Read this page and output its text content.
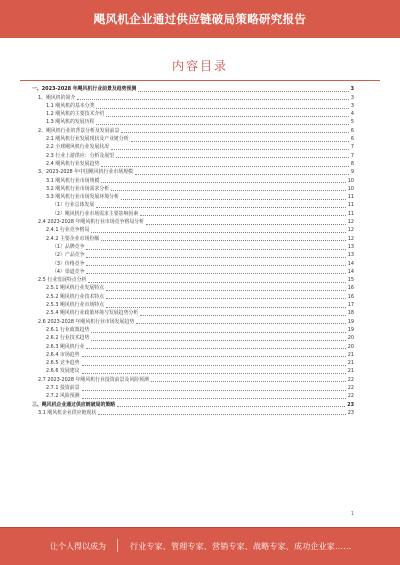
飓风机企业通过供应链破局策略研究报告
内容目录
一、2023-2028 年飓风机行业前景及趋势预测	3
1、飓风机的简介	3
1.1 飓风机的基本分类	3
1.2 飓风机的主要技术介绍	4
1.3 飓风机的发展历程	5
2、飓风机行业的背景分析及发展前景	6
2.1 飓风机行业发展现状及产业链分析	6
2.2 全球飓风机行业发展状况	7
2.3 行业上游供应：分析及展望	7
2.4 飓风机行业发展趋势	8
3、2023-2028 年中国飓风机行业市场规模	9
3.1 飓风机行业市场规模	10
3.2 飓风机行业市场需求分析	10
3.3 飓风机行业市场发展环境分析	11
（1）行业总体发展	11
（2）飓风机行业市场需求主要影响因素	11
2.4 2023-2028 年飓风机行业市场竞争格局分析	12
2.4.1 行业竞争格局	12
2.4.2 主要企业市场份额	12
（1）品牌竞争	13
（2）产品竞争	13
（3）价格竞争	14
（4）渠道竞争	14
2.5 行业发展特点分析	15
2.5.1 飓风机行业发展特点	16
2.5.2 飓风机行业技术特点	16
2.5.3 飓风机行业市场特点	17
2.5.4 飓风机行业政策环境与发展趋势分析	18
2.6 2023-2028 年飓风机行业市场发展趋势	19
2.6.1 行业政策趋势	19
2.6.2 行业技术趋势	20
2.6.3 飓风机行业	20
2.6.4 市场趋势	21
2.6.5 竞争趋势	21
2.6.6 发展建议	21
2.7 2023-2028 年飓风机行业投资前景及风险预测	22
2.7.1 投资前景	22
2.7.2 风险预测	22
三、飓风机企业通过供应链破局的策略	23
3.1 飓风机企业供应链现状	23
1
让个人得以成为	行业专家、管理专家、营销专家、战略专家、成功企业家……
